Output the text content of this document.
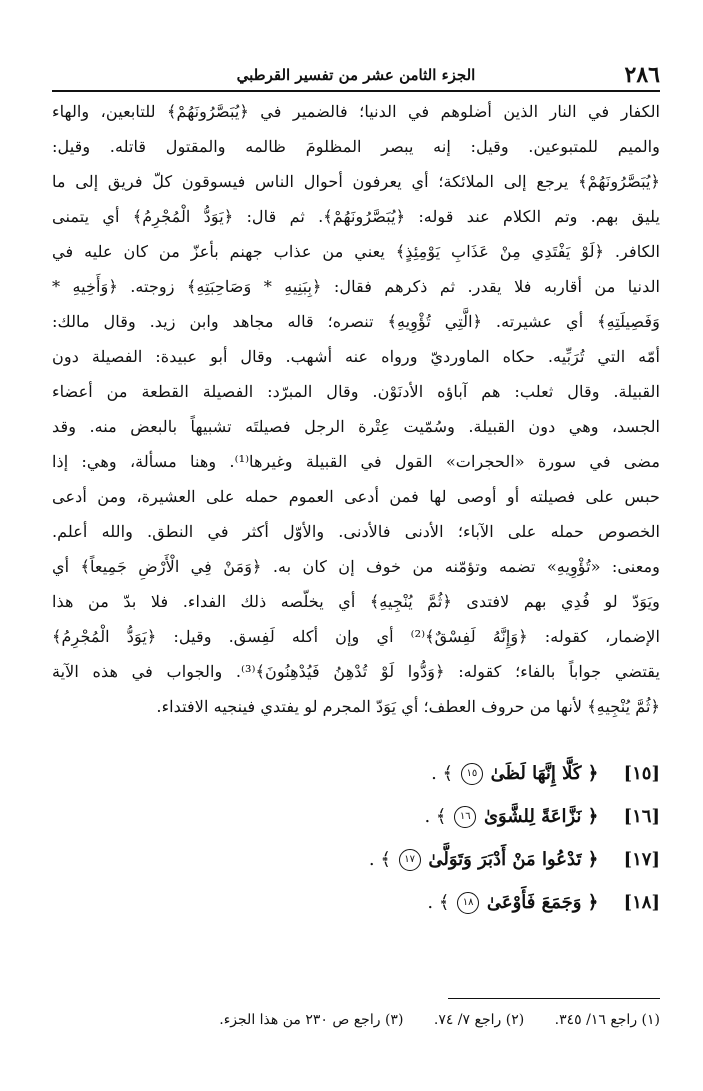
٢٨٦
الجزء الثامن عشر من تفسير القرطبي
الكفار في النار الذين أضلوهم في الدنيا؛ فالضمير في ﴿يُبَصَّرُونَهُمْ﴾ للتابعين، والهاء
والميم للمتبوعين. وقيل: إنه يبصر المظلومَ ظالمه والمقتول قاتله. وقيل:
﴿يُبَصَّرُونَهُمْ﴾ يرجع إلى الملائكة؛ أي يعرفون أحوال الناس فيسوقون كلّ فريق إلى ما
يليق بهم. وتم الكلام عند قوله: ﴿يُبَصَّرُونَهُمْ﴾. ثم قال: ﴿يَوَدُّ الْمُجْرِمُ﴾ أي يتمنى
الكافر. ﴿لَوْ يَفْتَدِي مِنْ عَذَابِ يَوْمِئِذٍ﴾ يعني من عذاب جهنم بأعزّ من كان عليه في
الدنيا من أقاربه فلا يقدر. ثم ذكرهم فقال: ﴿بِبَنِيهِ * وَصَاحِبَتِهِ﴾ زوجته. ﴿وَأَخِيهِ *
وَفَصِيلَتِهِ﴾ أي عشيرته. ﴿الَّتِي تُؤْوِيهِ﴾ تنصره؛ قاله مجاهد وابن زيد. وقال مالك:
أمّه التي تُرَبِّيه. حكاه الماورديّ ورواه عنه أشهب. وقال أبو عبيدة: الفصيلة دون
القبيلة. وقال ثعلب: هم آباؤه الأدنَوْن. وقال المبرّد: الفصيلة القطعة من أعضاء
الجسد، وهي دون القبيلة. وسُمّيت عِتْرة الرجل فصيلتَه تشبيهاً بالبعض منه. وقد
مضى في سورة «الحجرات» القول في القبيلة وغيرها⁽¹⁾. وهنا مسألة، وهي: إذا
حبس على فصيلته أو أوصى لها فمن أدعى العموم حمله على العشيرة، ومن أدعى
الخصوص حمله على الآباء؛ الأدنى فالأدنى. والأوّل أكثر في النطق. والله أعلم.
ومعنى: «تُؤْوِيهِ» تضمه وتؤمّنه من خوف إن كان به. ﴿وَمَنْ فِي الْأَرْضِ جَمِيعاً﴾ أي
ويَوَدّ لو فُدِي بهم لافتدى ﴿ثُمَّ يُنْجِيهِ﴾ أي يخلّصه ذلك الفداء. فلا بدّ من هذا
الإضمار، كقوله: ﴿وَإِنَّهُ لَفِسْقٌ﴾⁽²⁾ أي وإن أكله لَفِسق. وقيل: ﴿يَوَدُّ الْمُجْرِمُ﴾
يقتضي جواباً بالفاء؛ كقوله: ﴿وَدُّوا لَوْ تُدْهِنُ فَيُدْهِنُونَ﴾⁽³⁾. والجواب في هذه الآية
﴿ثُمَّ يُنْجِيهِ﴾ لأنها من حروف العطف؛ أي يَوَدّ المجرم لو يفتدي فينجيه الافتداء.
[١٥] ﴿ كَلَّا إِنَّهَا لَظَىٰ ١٥ ﴾ .
[١٦] ﴿ نَزَّاعَةً لِلشَّوَىٰ ١٦ ﴾ .
[١٧] ﴿ تَدْعُوا مَنْ أَدْبَرَ وَتَوَلَّىٰ ١٧ ﴾ .
[١٨] ﴿ وَجَمَعَ فَأَوْعَىٰ ١٨ ﴾ .
(١) راجع ١٦/ ٣٤٥. (٢) راجع ٧/ ٧٤. (٣) راجع ص ٢٣٠ من هذا الجزء.
